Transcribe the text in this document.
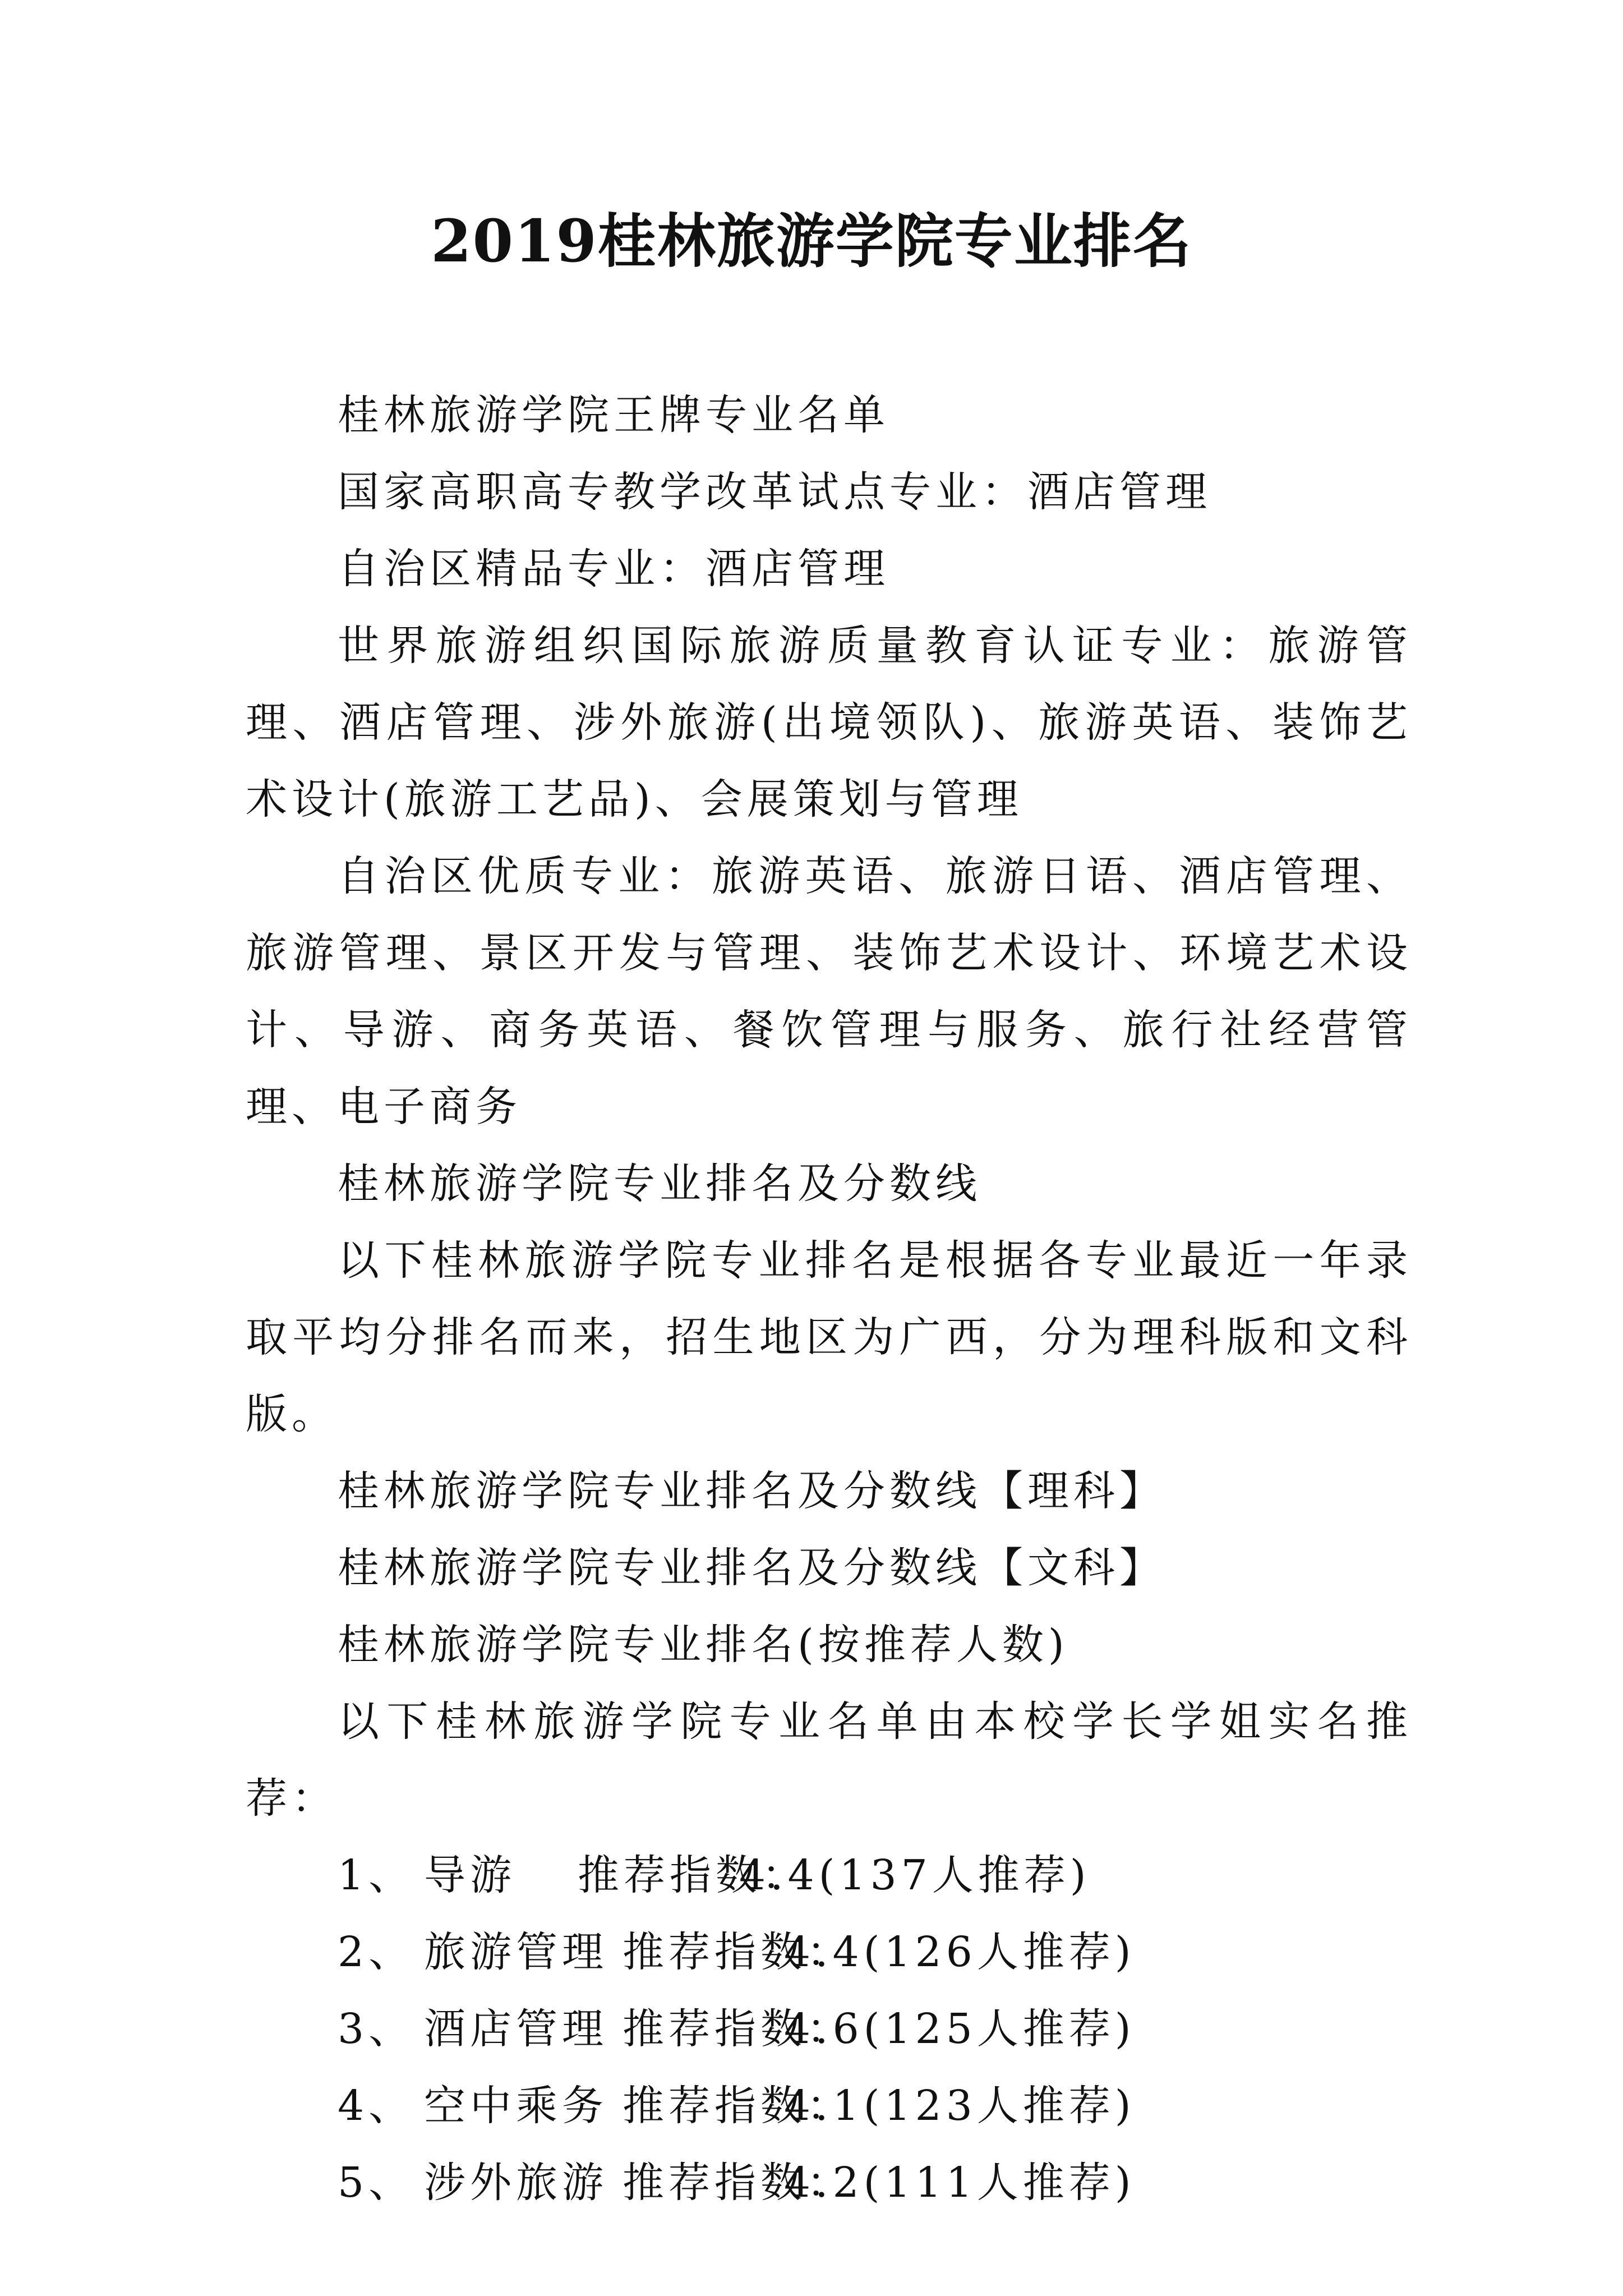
2019桂林旅游学院专业排名

桂林旅游学院王牌专业名单

国家高职高专教学改革试点专业：酒店管理

自治区精品专业：酒店管理

世界旅游组织国际旅游质量教育认证专业：旅游管理、酒店管理、涉外旅游(出境领队)、旅游英语、装饰艺术设计(旅游工艺品)、会展策划与管理

自治区优质专业：旅游英语、旅游日语、酒店管理、旅游管理、景区开发与管理、装饰艺术设计、环境艺术设计、导游、商务英语、餐饮管理与服务、旅行社经营管理、电子商务

桂林旅游学院专业排名及分数线

以下桂林旅游学院专业排名是根据各专业最近一年录取平均分排名而来，招生地区为广西，分为理科版和文科版。

桂林旅游学院专业排名及分数线【理科】

桂林旅游学院专业排名及分数线【文科】

桂林旅游学院专业排名(按推荐人数)

以下桂林旅游学院专业名单由本校学长学姐实名推荐：

1、 导游 推荐指数：
4.4(137人推荐)
2、 旅游管理 推荐指数：
4.4(126人推荐)
3、 酒店管理 推荐指数：
4.6(125人推荐)
4、 空中乘务 推荐指数：
4.1(123人推荐)
5、 涉外旅游 推荐指数：
4.2(111人推荐)
